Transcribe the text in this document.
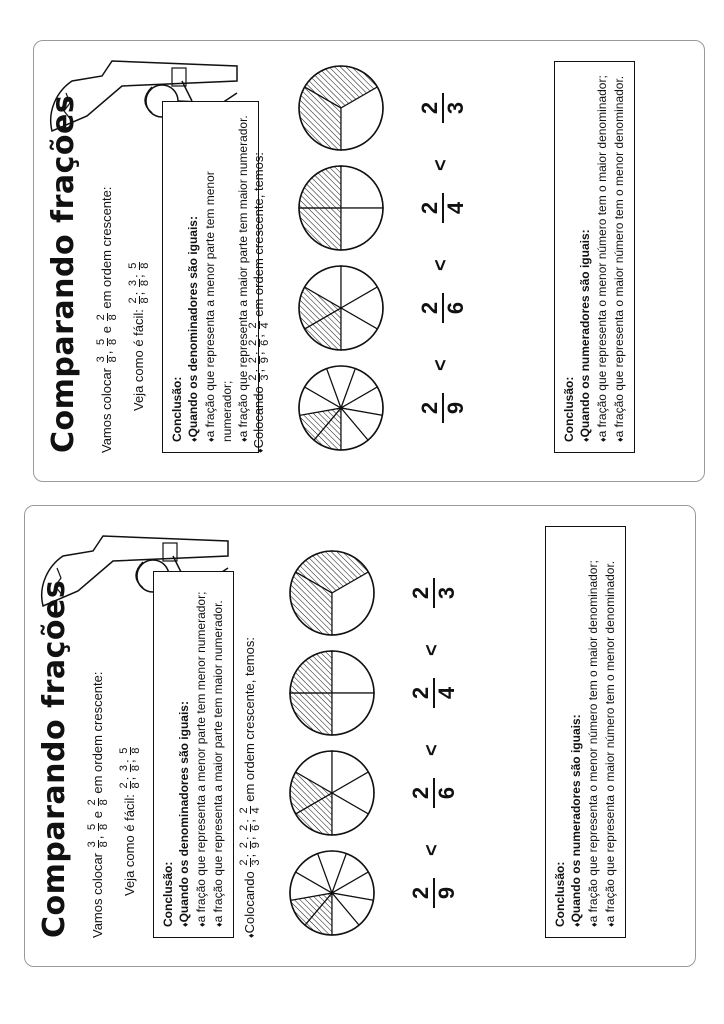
Comparando frações Vamos colocar
3 8
,
5 8
e
2 8
em ordem crescente:
Veja como é fácil:
2 8
;
3 8
;
5 8
Conclusão: ♦ Quando os denominadores são iguais: ♦ a fração que representa a menor parte tem menor numerador; ♦ a fração que representa a maior parte tem maior numerador. ♦ Colocando
2 3
;
2 9
;
2 6
;
2 4
em ordem crescente, temos:
2 9
<
2 6
<
2 4
<
2 3
Conclusão: ♦ Quando os numeradores são iguais: ♦ a fração que representa o menor número tem o maior denominador; ♦ a fração que representa o maior número tem o menor denominador.
Comparando frações Vamos colocar
3 8
,
5 8
e
2 8
em ordem crescente:
Veja como é fácil:
2 8
;
3 8
;
5 8
Conclusão: ♦ Quando os denominadores são iguais: ♦ a fração que representa a menor parte tem menor numerador; ♦ a fração que representa a maior parte tem maior numerador. ♦ Colocando
2 3
;
2 9
;
2 6
;
2 4
em ordem crescente, temos:
2 9
<
2 6
<
2 4
<
2 3
Conclusão: ♦ Quando os numeradores são iguais: ♦ a fração que representa o menor número tem o maior denominador; ♦ a fração que representa o maior número tem o menor denominador.
